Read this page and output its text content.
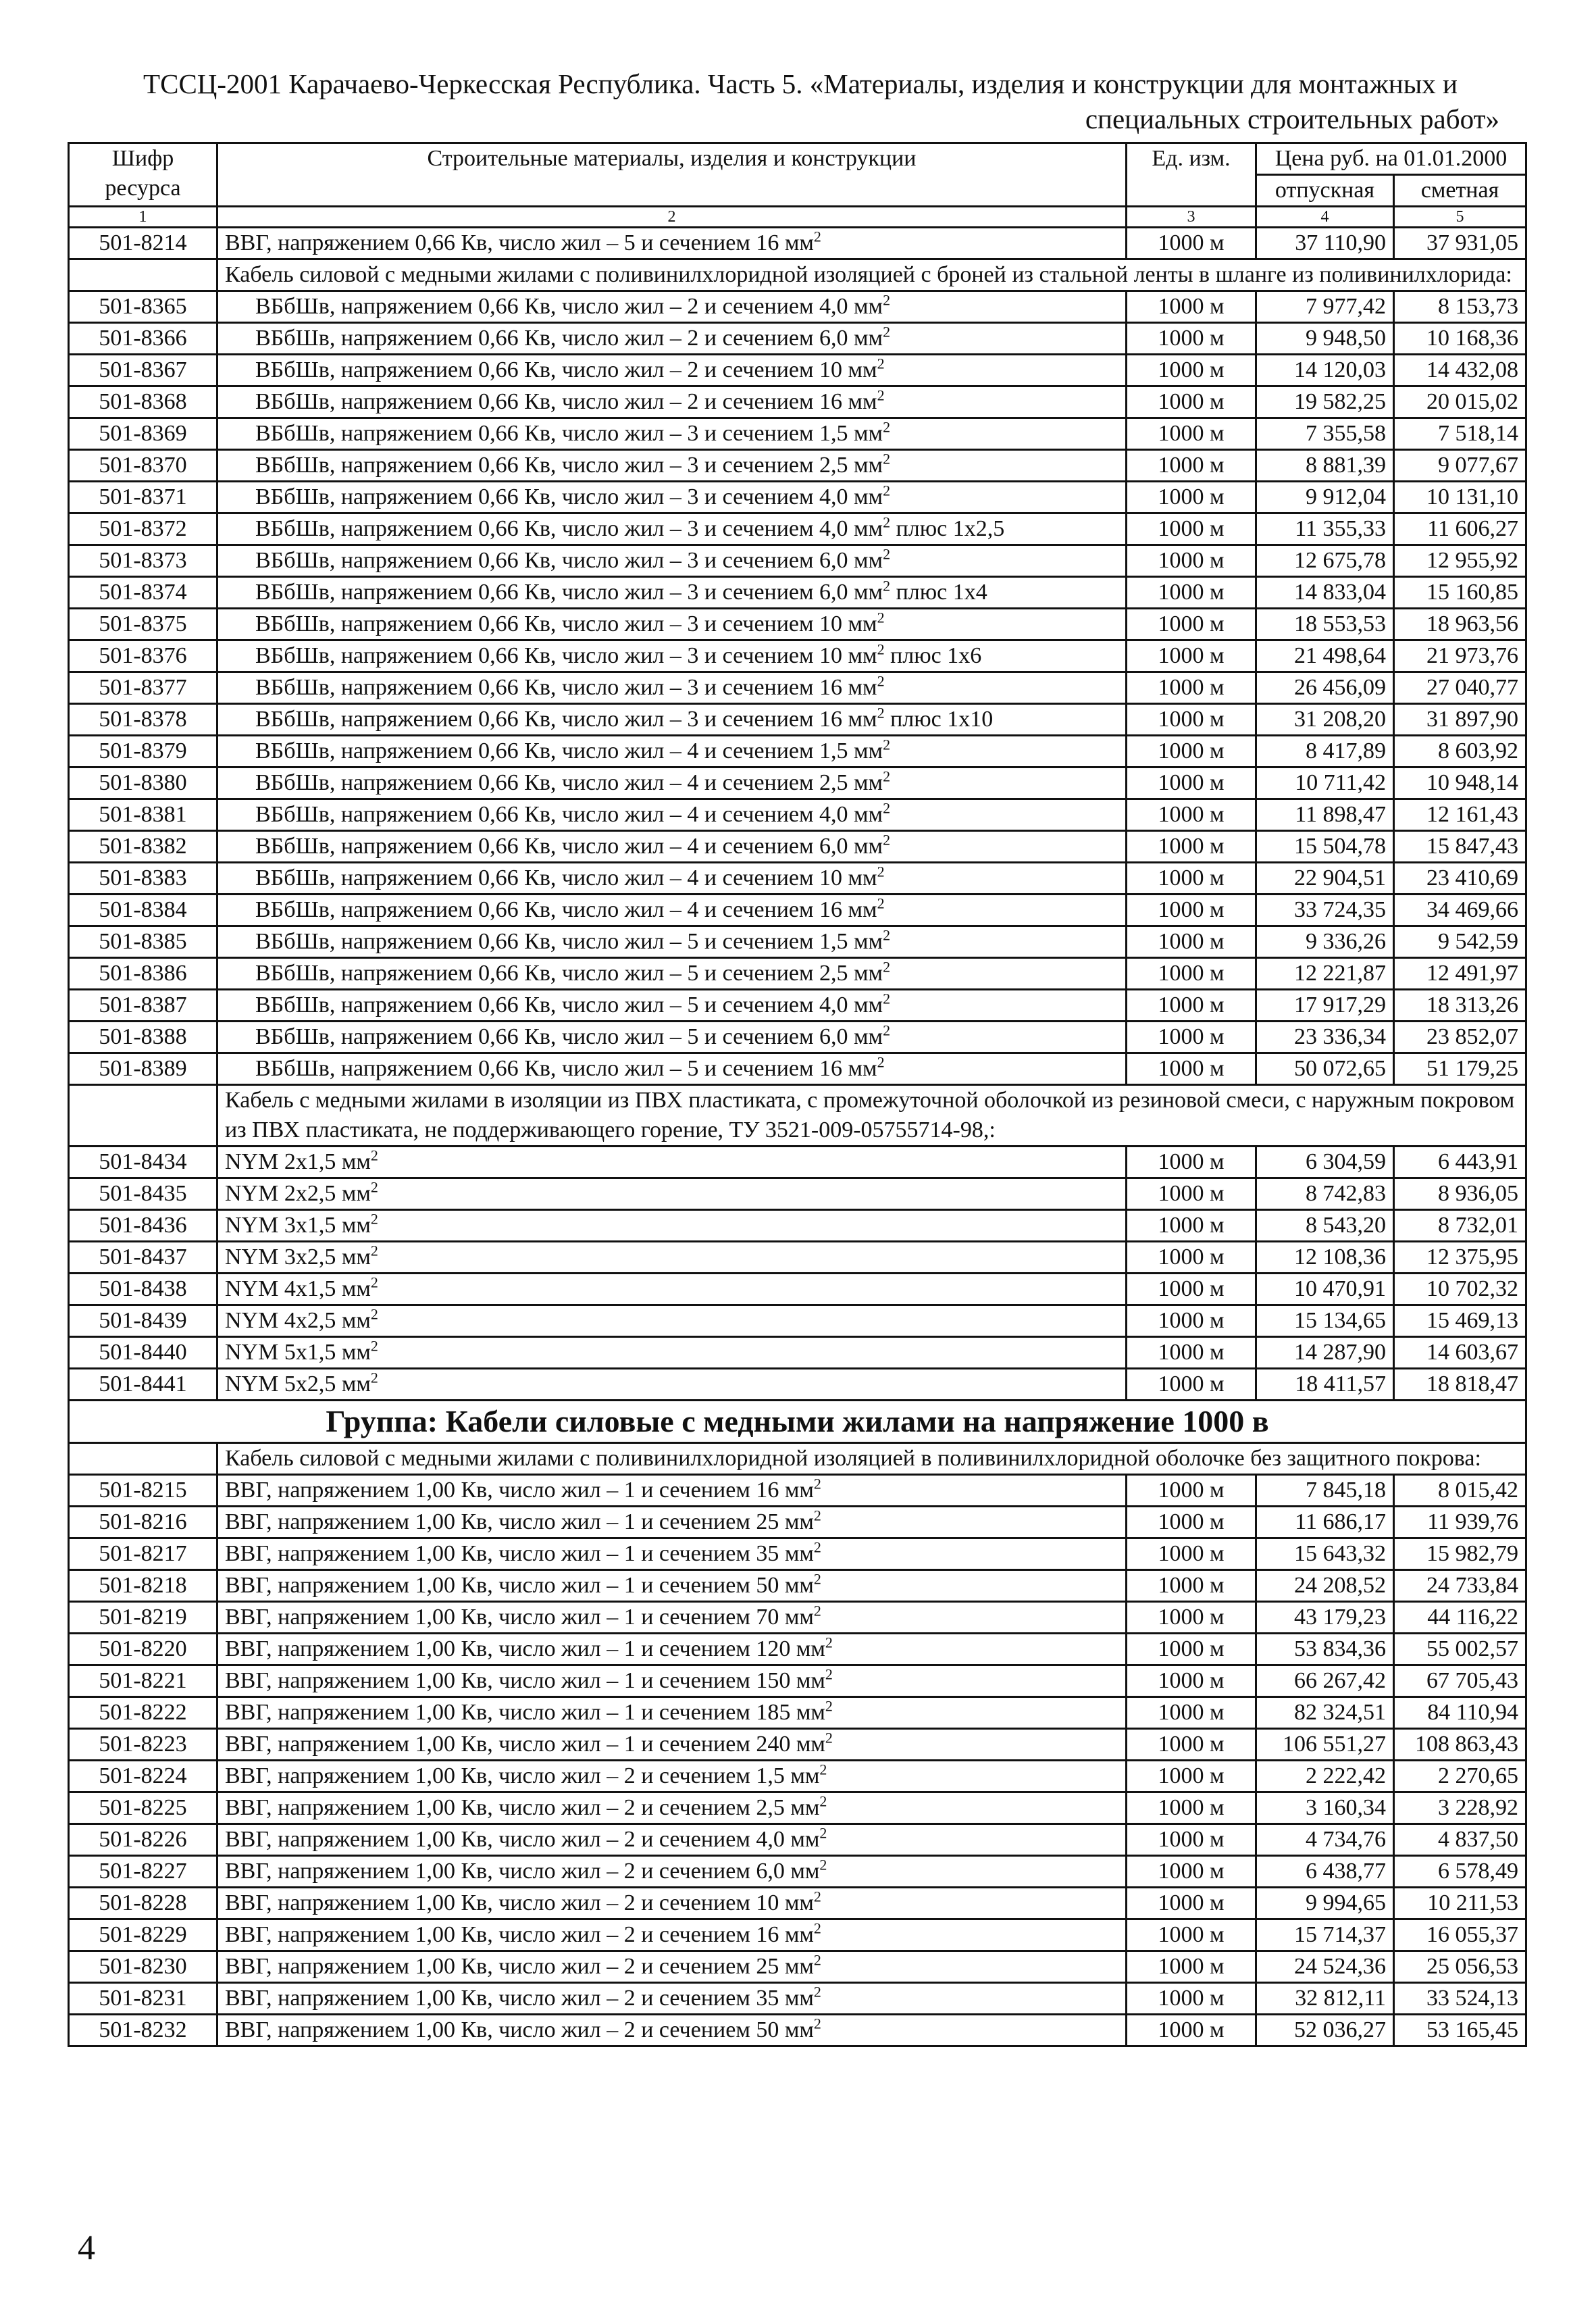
ТССЦ-2001 Карачаево-Черкесская Республика. Часть 5. «Материалы, изделия и конструкции для монтажных и
специальных строительных работ»
Шифр ресурса	Строительные материалы, изделия и конструкции	Ед. изм.	Цена руб. на 01.01.2000	
			отпускная	сметная
1	2	3	4	5
501-8214	ВВГ, напряжением 0,66 Кв, число жил – 5 и сечением 16 $мм^2$	1000 м	37 110,90	37 931,05
	Кабель силовой с медными жилами с поливинилхлоридной изоляцией с броней из стальной ленты в шланге из поливинилхлорида:			
501-8365	ВБбШв, напряжением 0,66 Кв, число жил – 2 и сечением 4,0 $мм^2$	1000 м	7 977,42	8 153,73
501-8366	ВБбШв, напряжением 0,66 Кв, число жил – 2 и сечением 6,0 $мм^2$	1000 м	9 948,50	10 168,36
501-8367	ВБбШв, напряжением 0,66 Кв, число жил – 2 и сечением 10 $мм^2$	1000 м	14 120,03	14 432,08
501-8368	ВБбШв, напряжением 0,66 Кв, число жил – 2 и сечением 16 $мм^2$	1000 м	19 582,25	20 015,02
501-8369	ВБбШв, напряжением 0,66 Кв, число жил – 3 и сечением 1,5 $мм^2$	1000 м	7 355,58	7 518,14
501-8370	ВБбШв, напряжением 0,66 Кв, число жил – 3 и сечением 2,5 $мм^2$	1000 м	8 881,39	9 077,67
501-8371	ВБбШв, напряжением 0,66 Кв, число жил – 3 и сечением 4,0 $мм^2$	1000 м	9 912,04	10 131,10
501-8372	ВБбШв, напряжением 0,66 Кв, число жил – 3 и сечением 4,0 $мм^2$ плюс 1х2,5	1000 м	11 355,33	11 606,27
501-8373	ВБбШв, напряжением 0,66 Кв, число жил – 3 и сечением 6,0 $мм^2$	1000 м	12 675,78	12 955,92
501-8374	ВБбШв, напряжением 0,66 Кв, число жил – 3 и сечением 6,0 $мм^2$ плюс 1х4	1000 м	14 833,04	15 160,85
501-8375	ВБбШв, напряжением 0,66 Кв, число жил – 3 и сечением 10 $мм^2$	1000 м	18 553,53	18 963,56
501-8376	ВБбШв, напряжением 0,66 Кв, число жил – 3 и сечением 10 $мм^2$ плюс 1х6	1000 м	21 498,64	21 973,76
501-8377	ВБбШв, напряжением 0,66 Кв, число жил – 3 и сечением 16 $мм^2$	1000 м	26 456,09	27 040,77
501-8378	ВБбШв, напряжением 0,66 Кв, число жил – 3 и сечением 16 $мм^2$ плюс 1х10	1000 м	31 208,20	31 897,90
501-8379	ВБбШв, напряжением 0,66 Кв, число жил – 4 и сечением 1,5 $мм^2$	1000 м	8 417,89	8 603,92
501-8380	ВБбШв, напряжением 0,66 Кв, число жил – 4 и сечением 2,5 $мм^2$	1000 м	10 711,42	10 948,14
501-8381	ВБбШв, напряжением 0,66 Кв, число жил – 4 и сечением 4,0 $мм^2$	1000 м	11 898,47	12 161,43
501-8382	ВБбШв, напряжением 0,66 Кв, число жил – 4 и сечением 6,0 $мм^2$	1000 м	15 504,78	15 847,43
501-8383	ВБбШв, напряжением 0,66 Кв, число жил – 4 и сечением 10 $мм^2$	1000 м	22 904,51	23 410,69
501-8384	ВБбШв, напряжением 0,66 Кв, число жил – 4 и сечением 16 $мм^2$	1000 м	33 724,35	34 469,66
501-8385	ВБбШв, напряжением 0,66 Кв, число жил – 5 и сечением 1,5 $мм^2$	1000 м	9 336,26	9 542,59
501-8386	ВБбШв, напряжением 0,66 Кв, число жил – 5 и сечением 2,5 $мм^2$	1000 м	12 221,87	12 491,97
501-8387	ВБбШв, напряжением 0,66 Кв, число жил – 5 и сечением 4,0 $мм^2$	1000 м	17 917,29	18 313,26
501-8388	ВБбШв, напряжением 0,66 Кв, число жил – 5 и сечением 6,0 $мм^2$	1000 м	23 336,34	23 852,07
501-8389	ВБбШв, напряжением 0,66 Кв, число жил – 5 и сечением 16 $мм^2$	1000 м	50 072,65	51 179,25
	Кабель с медными жилами в изоляции из ПВХ пластиката, с промежуточной оболочкой из резиновой смеси, с наружным покровом из ПВХ пластиката, не поддерживающего горение, ТУ 3521-009-05755714-98,:			
501-8434	NYM 2х1,5 $мм^2$	1000 м	6 304,59	6 443,91
501-8435	NYM 2х2,5 $мм^2$	1000 м	8 742,83	8 936,05
501-8436	NYM 3х1,5 $мм^2$	1000 м	8 543,20	8 732,01
501-8437	NYM 3х2,5 $мм^2$	1000 м	12 108,36	12 375,95
501-8438	NYM 4х1,5 $мм^2$	1000 м	10 470,91	10 702,32
501-8439	NYM 4х2,5 $мм^2$	1000 м	15 134,65	15 469,13
501-8440	NYM 5х1,5 $мм^2$	1000 м	14 287,90	14 603,67
501-8441	NYM 5х2,5 $мм^2$	1000 м	18 411,57	18 818,47
Группа: Кабели силовые с медными жилами на напряжение 1000 в				
	Кабель силовой с медными жилами с поливинилхлоридной изоляцией в поливинилхлоридной оболочке без защитного покрова:			
501-8215	ВВГ, напряжением 1,00 Кв, число жил – 1 и сечением 16 $мм^2$	1000 м	7 845,18	8 015,42
501-8216	ВВГ, напряжением 1,00 Кв, число жил – 1 и сечением 25 $мм^2$	1000 м	11 686,17	11 939,76
501-8217	ВВГ, напряжением 1,00 Кв, число жил – 1 и сечением 35 $мм^2$	1000 м	15 643,32	15 982,79
501-8218	ВВГ, напряжением 1,00 Кв, число жил – 1 и сечением 50 $мм^2$	1000 м	24 208,52	24 733,84
501-8219	ВВГ, напряжением 1,00 Кв, число жил – 1 и сечением 70 $мм^2$	1000 м	43 179,23	44 116,22
501-8220	ВВГ, напряжением 1,00 Кв, число жил – 1 и сечением 120 $мм^2$	1000 м	53 834,36	55 002,57
501-8221	ВВГ, напряжением 1,00 Кв, число жил – 1 и сечением 150 $мм^2$	1000 м	66 267,42	67 705,43
501-8222	ВВГ, напряжением 1,00 Кв, число жил – 1 и сечением 185 $мм^2$	1000 м	82 324,51	84 110,94
501-8223	ВВГ, напряжением 1,00 Кв, число жил – 1 и сечением 240 $мм^2$	1000 м	106 551,27	108 863,43
501-8224	ВВГ, напряжением 1,00 Кв, число жил – 2 и сечением 1,5 $мм^2$	1000 м	2 222,42	2 270,65
501-8225	ВВГ, напряжением 1,00 Кв, число жил – 2 и сечением 2,5 $мм^2$	1000 м	3 160,34	3 228,92
501-8226	ВВГ, напряжением 1,00 Кв, число жил – 2 и сечением 4,0 $мм^2$	1000 м	4 734,76	4 837,50
501-8227	ВВГ, напряжением 1,00 Кв, число жил – 2 и сечением 6,0 $мм^2$	1000 м	6 438,77	6 578,49
501-8228	ВВГ, напряжением 1,00 Кв, число жил – 2 и сечением 10 $мм^2$	1000 м	9 994,65	10 211,53
501-8229	ВВГ, напряжением 1,00 Кв, число жил – 2 и сечением 16 $мм^2$	1000 м	15 714,37	16 055,37
501-8230	ВВГ, напряжением 1,00 Кв, число жил – 2 и сечением 25 $мм^2$	1000 м	24 524,36	25 056,53
501-8231	ВВГ, напряжением 1,00 Кв, число жил – 2 и сечением 35 $мм^2$	1000 м	32 812,11	33 524,13
501-8232	ВВГ, напряжением 1,00 Кв, число жил – 2 и сечением 50 $мм^2$	1000 м	52 036,27	53 165,45
4
